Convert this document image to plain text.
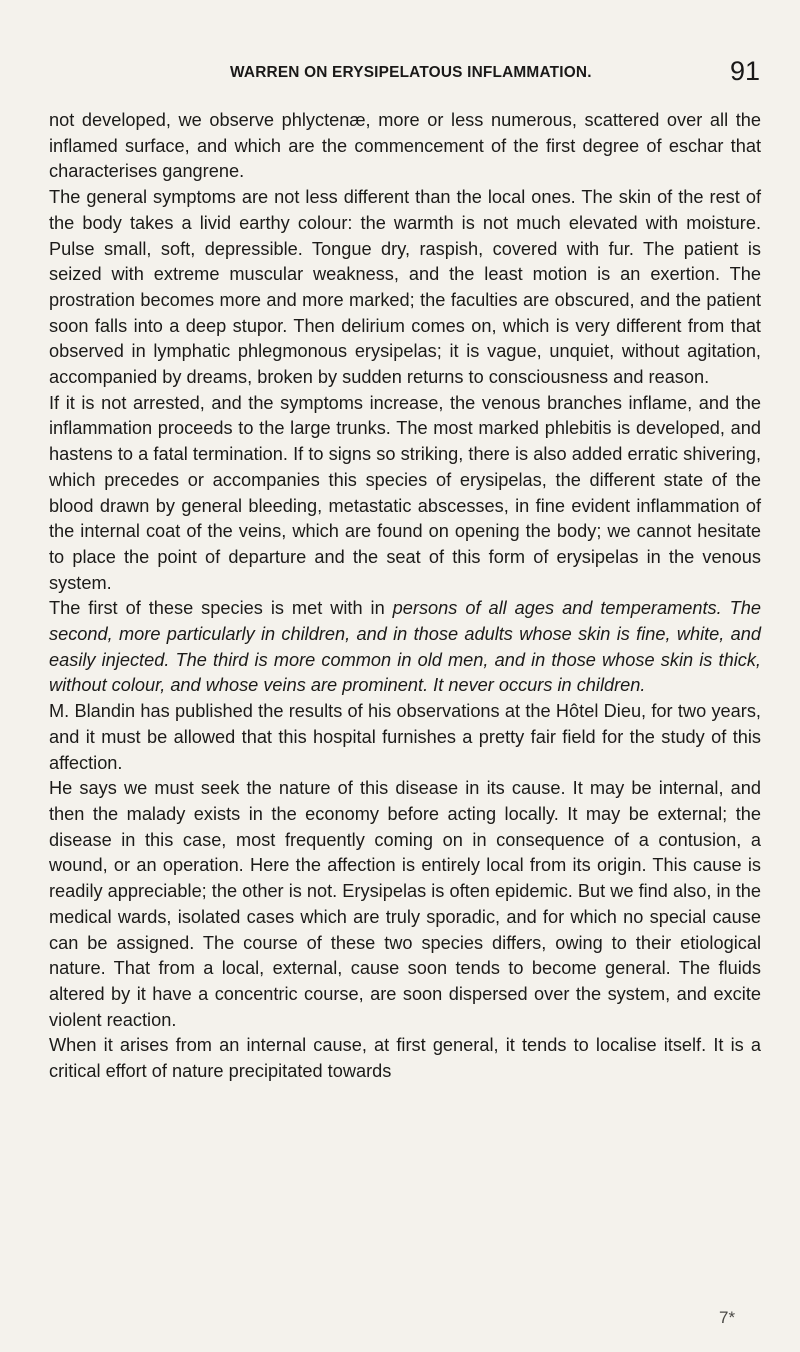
WARREN ON ERYSIPELATOUS INFLAMMATION.	91

not developed, we observe phlyctenæ, more or less numerous, scattered over all the inflamed surface, and which are the commencement of the first degree of eschar that characterises gangrene.

The general symptoms are not less different than the local ones. The skin of the rest of the body takes a livid earthy colour: the warmth is not much elevated with moisture. Pulse small, soft, depressible. Tongue dry, raspish, covered with fur. The patient is seized with extreme muscular weakness, and the least motion is an exertion. The prostration becomes more and more marked; the faculties are obscured, and the patient soon falls into a deep stupor. Then delirium comes on, which is very different from that observed in lymphatic phlegmonous erysipelas; it is vague, unquiet, without agitation, accompanied by dreams, broken by sudden returns to consciousness and reason.

If it is not arrested, and the symptoms increase, the venous branches inflame, and the inflammation proceeds to the large trunks. The most marked phlebitis is developed, and hastens to a fatal termination. If to signs so striking, there is also added erratic shivering, which precedes or accompanies this species of erysipelas, the different state of the blood drawn by general bleeding, metastatic abscesses, in fine evident inflammation of the internal coat of the veins, which are found on opening the body; we cannot hesitate to place the point of departure and the seat of this form of erysipelas in the venous system.

The first of these species is met with in persons of all ages and temperaments. The second, more particularly in children, and in those adults whose skin is fine, white, and easily injected. The third is more common in old men, and in those whose skin is thick, without colour, and whose veins are prominent. It never occurs in children.

M. Blandin has published the results of his observations at the Hôtel Dieu, for two years, and it must be allowed that this hospital furnishes a pretty fair field for the study of this affection.

He says we must seek the nature of this disease in its cause. It may be internal, and then the malady exists in the economy before acting locally. It may be external; the disease in this case, most frequently coming on in consequence of a contusion, a wound, or an operation. Here the affection is entirely local from its origin. This cause is readily appreciable; the other is not. Erysipelas is often epidemic. But we find also, in the medical wards, isolated cases which are truly sporadic, and for which no special cause can be assigned. The course of these two species differs, owing to their etiological nature. That from a local, external, cause soon tends to become general. The fluids altered by it have a concentric course, are soon dispersed over the system, and excite violent reaction.

When it arises from an internal cause, at first general, it tends to localise itself. It is a critical effort of nature precipitated towards

7*
